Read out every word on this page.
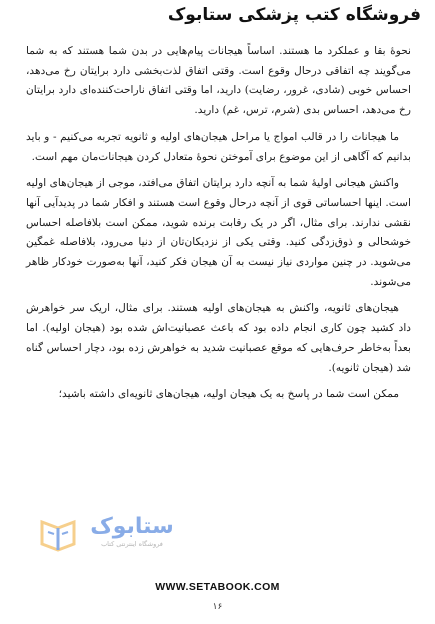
فروشگاه کتب پزشکی ستابوک

نحوهٔ بقا و عملکرد ما هستند. اساساً هیجانات پیام‌هایی در بدن شما هستند که به شما می‌گویند چه اتفاقی درحال وقوع است. وقتی اتفاق لذت‌بخشی دارد برایتان رخ می‌دهد، احساس خوبی (شادی، غرور، رضایت) دارید، اما وقتی اتفاق ناراحت‌کننده‌ای دارد برایتان رخ می‌دهد، احساس بدی (شرم، ترس، غم) دارید.

ما هیجانات را در قالب امواج یا مراحل هیجان‌های اولیه و ثانویه تجربه می‌کنیم - و باید بدانیم که آگاهی از این موضوع برای آموختن نحوهٔ متعادل کردن هیجانات‌مان مهم است.

واکنش هیجانی اولیهٔ شما به آنچه دارد برایتان اتفاق می‌افتد، موجی از هیجان‌های اولیه است. اینها احساساتی قوی از آنچه درحال وقوع است هستند و افکار شما در پدیدآیی آنها نقشی ندارند. برای مثال، اگر در یک رقابت برنده شوید، ممکن است بلافاصله احساس خوشحالی و ذوق‌زدگی کنید. وقتی یکی از نزدیکان‌تان از دنیا می‌رود، بلافاصله غمگین می‌شوید. در چنین مواردی نیاز نیست به آن هیجان فکر کنید، آنها به‌صورت خودکار ظاهر می‌شوند.

هیجان‌های ثانویه، واکنش به هیجان‌های اولیه هستند. برای مثال، اریک سر خواهرش داد کشید چون کاری انجام داده بود که باعث عصبانیت‌اش شده بود (هیجان اولیه). اما بعداً به‌خاطر حرف‌هایی که موقع عصبانیت شدید به خواهرش زده بود، دچار احساس گناه شد (هیجان ثانویه).

ممکن است شما در پاسخ به یک هیجان اولیه، هیجان‌های ثانویه‌ای داشته باشید؛

ستابوک
فروشگاه اینترنتی کتاب
WWW.SETABOOK.COM
۱۶
